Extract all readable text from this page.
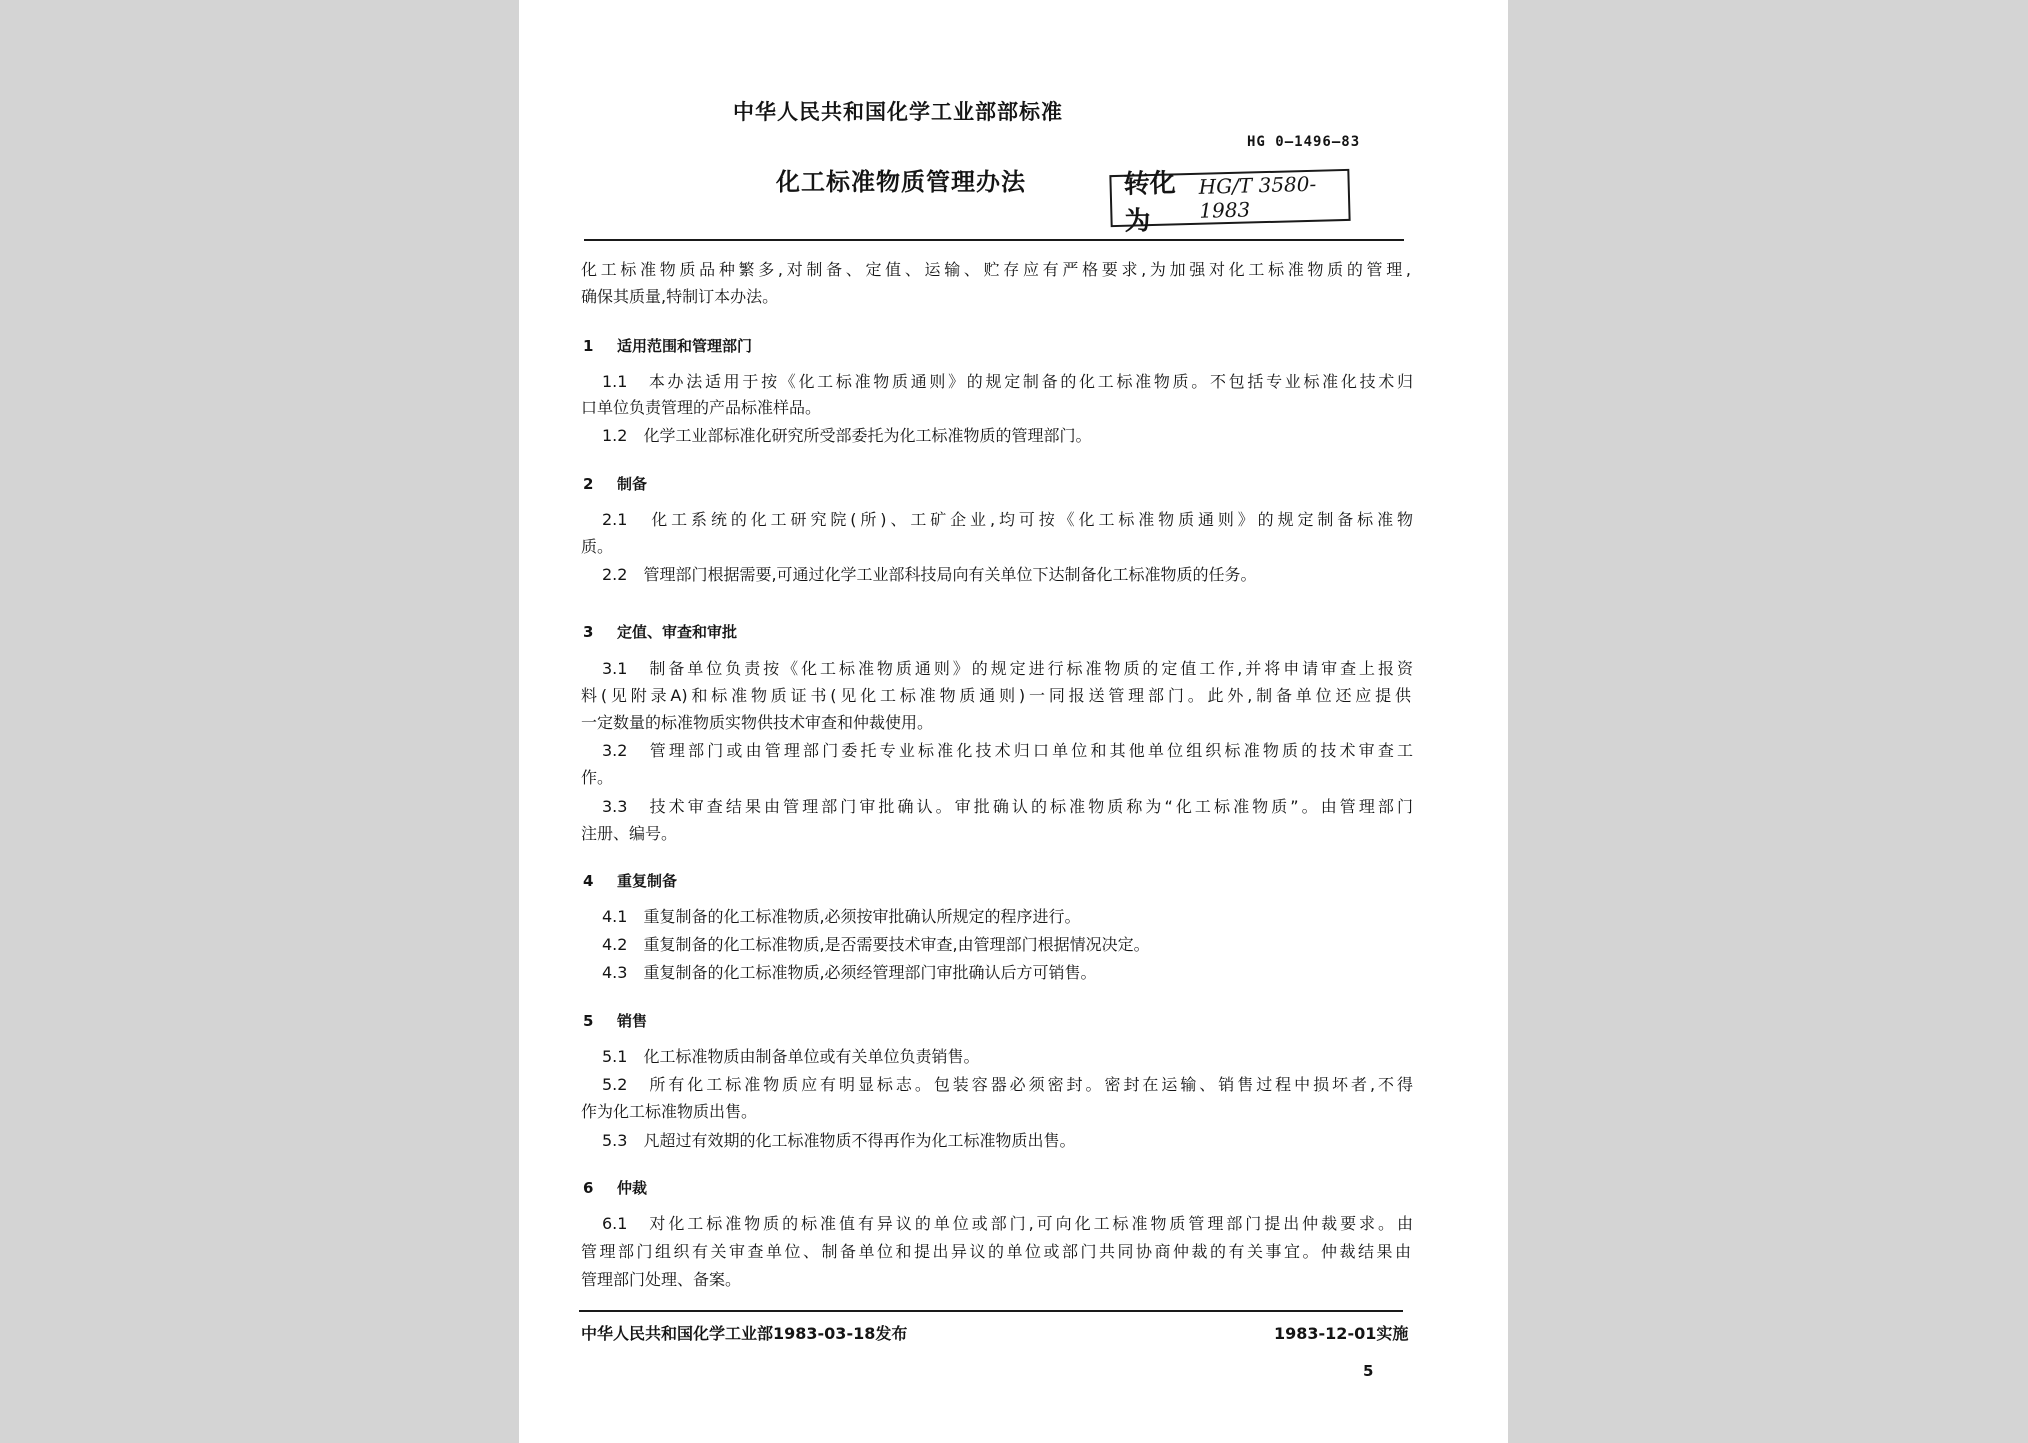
中华人民共和国化学工业部部标准
HG 0—1496—83
化工标准物质管理办法	转化为
HG/T 3580-1983
化工标准物质品种繁多,对制备、定值、运输、贮存应有严格要求,为加强对化工标准物质的管理,
确保其质量,特制订本办法。
1 适用范围和管理部门
1.1　本办法适用于按《化工标准物质通则》的规定制备的化工标准物质。不包括专业标准化技术归
口单位负责管理的产品标准样品。
1.2　化学工业部标准化研究所受部委托为化工标准物质的管理部门。
2 制备
2.1　化工系统的化工研究院(所)、工矿企业,均可按《化工标准物质通则》的规定制备标准物
质。
2.2　管理部门根据需要,可通过化学工业部科技局向有关单位下达制备化工标准物质的任务。
3 定值、审查和审批
3.1　制备单位负责按《化工标准物质通则》的规定进行标准物质的定值工作,并将申请审查上报资
料(见附录A)和标准物质证书(见化工标准物质通则)一同报送管理部门。此外,制备单位还应提供
一定数量的标准物质实物供技术审查和仲裁使用。
3.2　管理部门或由管理部门委托专业标准化技术归口单位和其他单位组织标准物质的技术审查工
作。
3.3　技术审查结果由管理部门审批确认。审批确认的标准物质称为“化工标准物质”。由管理部门
注册、编号。
4 重复制备
4.1　重复制备的化工标准物质,必须按审批确认所规定的程序进行。
4.2　重复制备的化工标准物质,是否需要技术审查,由管理部门根据情况决定。
4.3　重复制备的化工标准物质,必须经管理部门审批确认后方可销售。
5 销售
5.1　化工标准物质由制备单位或有关单位负责销售。
5.2　所有化工标准物质应有明显标志。包装容器必须密封。密封在运输、销售过程中损坏者,不得
作为化工标准物质出售。
5.3　凡超过有效期的化工标准物质不得再作为化工标准物质出售。
6 仲裁
6.1　对化工标准物质的标准值有异议的单位或部门,可向化工标准物质管理部门提出仲裁要求。由
管理部门组织有关审查单位、制备单位和提出异议的单位或部门共同协商仲裁的有关事宜。仲裁结果由
管理部门处理、备案。
中华人民共和国化学工业部1983-03-18发布	1983-12-01实施
5
